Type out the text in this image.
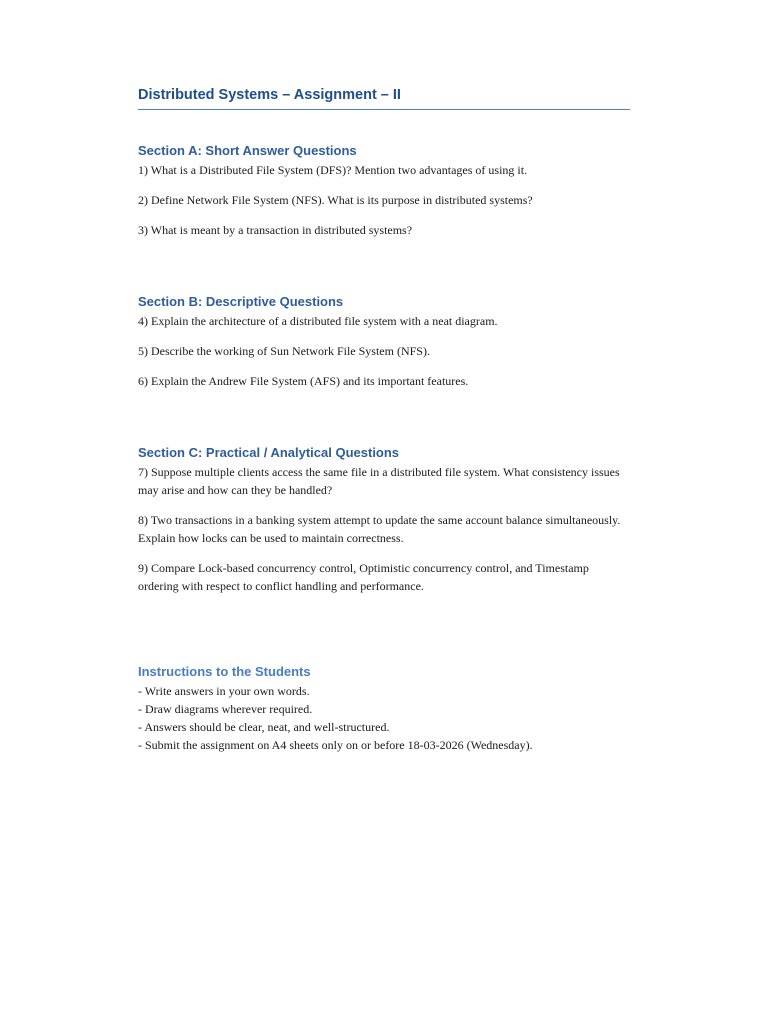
Distributed Systems – Assignment – II
Section A: Short Answer Questions

1) What is a Distributed File System (DFS)? Mention two advantages of using it.

2) Define Network File System (NFS). What is its purpose in distributed systems?

3) What is meant by a transaction in distributed systems?

Section B: Descriptive Questions

4) Explain the architecture of a distributed file system with a neat diagram.

5) Describe the working of Sun Network File System (NFS).

6) Explain the Andrew File System (AFS) and its important features.

Section C: Practical / Analytical Questions

7) Suppose multiple clients access the same file in a distributed file system. What consistency issues may arise and how can they be handled?

8) Two transactions in a banking system attempt to update the same account balance simultaneously. Explain how locks can be used to maintain correctness.

9) Compare Lock-based concurrency control, Optimistic concurrency control, and Timestamp ordering with respect to conflict handling and performance.

Instructions to the Students

- Write answers in your own words.

- Draw diagrams wherever required.

- Answers should be clear, neat, and well-structured.

- Submit the assignment on A4 sheets only on or before 18-03-2026 (Wednesday).
